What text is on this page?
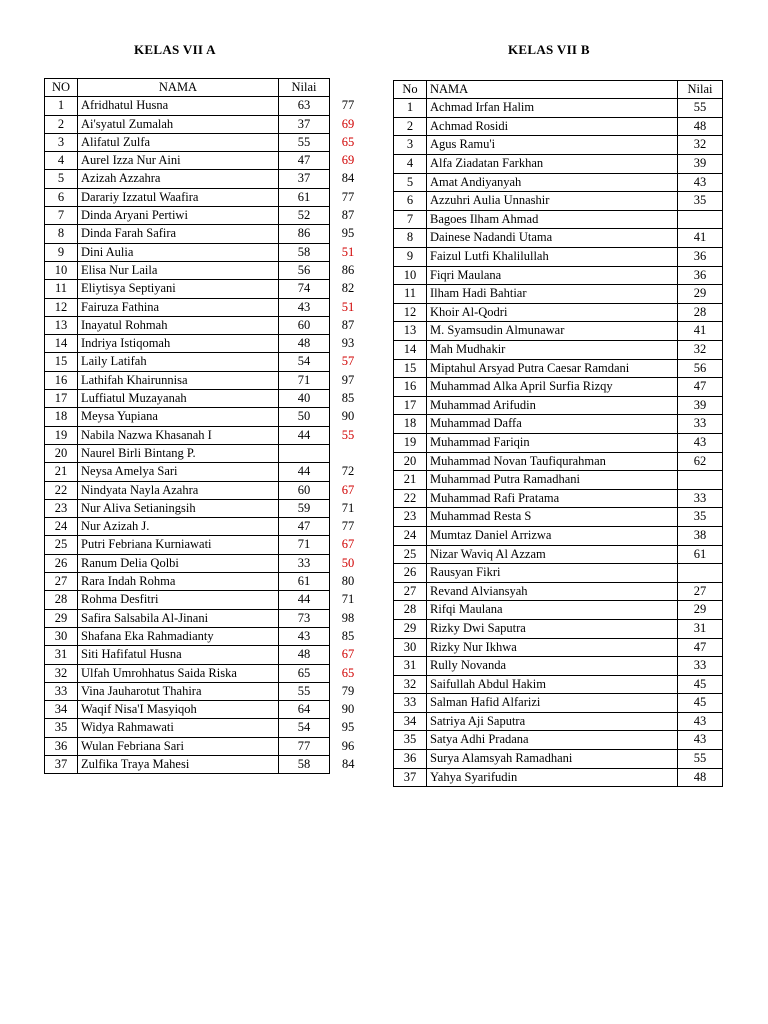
KELAS VII A	KELAS VII B
NO	NAMA	Nilai	
1	Afridhatul Husna	63	77
2	Ai'syatul Zumalah	37	69
3	Alifatul Zulfa	55	65
4	Aurel Izza Nur Aini	47	69
5	Azizah Azzahra	37	84
6	Darariy Izzatul Waafira	61	77
7	Dinda Aryani Pertiwi	52	87
8	Dinda Farah Safira	86	95
9	Dini Aulia	58	51
10	Elisa Nur Laila	56	86
11	Eliytisya Septiyani	74	82
12	Fairuza Fathina	43	51
13	Inayatul Rohmah	60	87
14	Indriya Istiqomah	48	93
15	Laily Latifah	54	57
16	Lathifah Khairunnisa	71	97
17	Luffiatul Muzayanah	40	85
18	Meysa Yupiana	50	90
19	Nabila Nazwa Khasanah I	44	55
20	Naurel Birli Bintang P.		
21	Neysa Amelya Sari	44	72
22	Nindyata Nayla Azahra	60	67
23	Nur Aliva Setianingsih	59	71
24	Nur Azizah J.	47	77
25	Putri Febriana Kurniawati	71	67
26	Ranum Delia Qolbi	33	50
27	Rara Indah Rohma	61	80
28	Rohma Desfitri	44	71
29	Safira Salsabila Al-Jinani	73	98
30	Shafana Eka Rahmadianty	43	85
31	Siti Hafifatul Husna	48	67
32	Ulfah Umrohhatus Saida Riska	65	65
33	Vina Jauharotut Thahira	55	79
34	Waqif Nisa'I Masyiqoh	64	90
35	Widya Rahmawati	54	95
36	Wulan Febriana Sari	77	96
37	Zulfika Traya Mahesi	58	84
No	NAMA	Nilai
1	Achmad Irfan Halim	55
2	Achmad Rosidi	48
3	Agus Ramu'i	32
4	Alfa Ziadatan Farkhan	39
5	Amat Andiyanyah	43
6	Azzuhri Aulia Unnashir	35
7	Bagoes Ilham Ahmad	
8	Dainese Nadandi Utama	41
9	Faizul Lutfi Khalilullah	36
10	Fiqri Maulana	36
11	Ilham Hadi Bahtiar	29
12	Khoir Al-Qodri	28
13	M. Syamsudin Almunawar	41
14	Mah Mudhakir	32
15	Miptahul Arsyad Putra Caesar Ramdani	56
16	Muhammad Alka April Surfia Rizqy	47
17	Muhammad Arifudin	39
18	Muhammad Daffa	33
19	Muhammad Fariqin	43
20	Muhammad Novan Taufiqurahman	62
21	Muhammad Putra Ramadhani	
22	Muhammad Rafi Pratama	33
23	Muhammad Resta S	35
24	Mumtaz Daniel Arrizwa	38
25	Nizar Waviq Al Azzam	61
26	Rausyan Fikri	
27	Revand Alviansyah	27
28	Rifqi Maulana	29
29	Rizky Dwi Saputra	31
30	Rizky Nur Ikhwa	47
31	Rully Novanda	33
32	Saifullah Abdul Hakim	45
33	Salman Hafid Alfarizi	45
34	Satriya Aji Saputra	43
35	Satya Adhi Pradana	43
36	Surya Alamsyah Ramadhani	55
37	Yahya Syarifudin	48
